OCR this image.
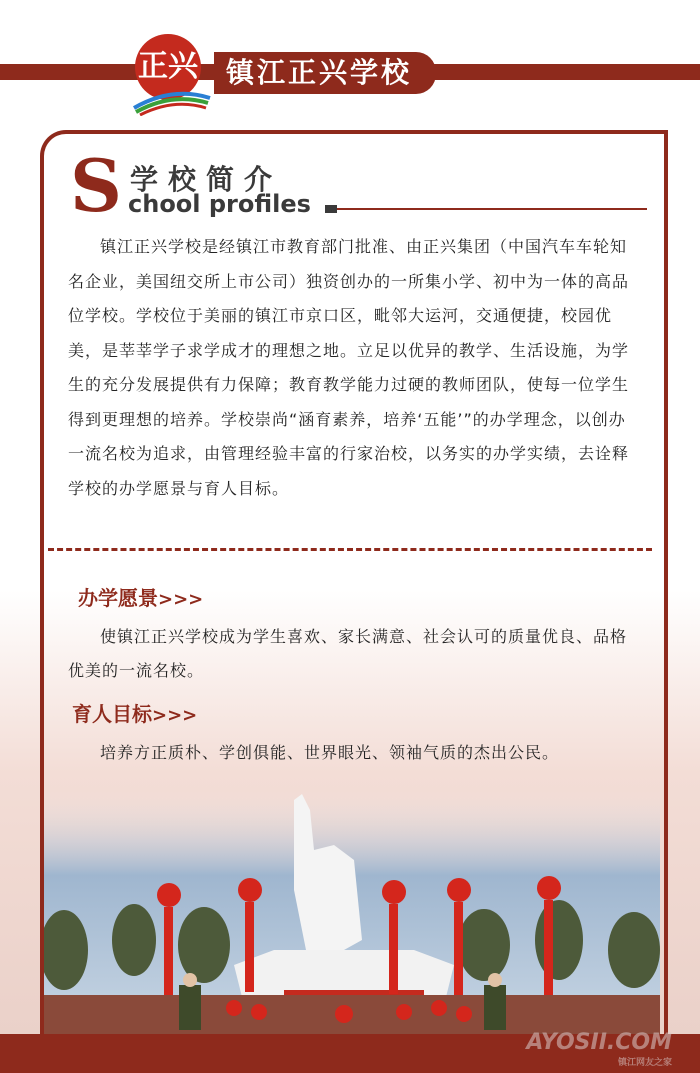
正兴	镇江正兴学校
S 学校简介
chool profiles

镇江正兴学校是经镇江市教育部门批准、由正兴集团（中国汽车车轮知名企业，美国纽交所上市公司）独资创办的一所集小学、初中为一体的高品位学校。学校位于美丽的镇江市京口区，毗邻大运河，交通便捷，校园优美，是莘莘学子求学成才的理想之地。立足以优异的教学、生活设施，为学生的充分发展提供有力保障；教育教学能力过硬的教师团队，使每一位学生得到更理想的培养。学校崇尚“涵育素养，培养‘五能’”的办学理念，以创办一流名校为追求，由管理经验丰富的行家治校，以务实的办学实绩，去诠释学校的办学愿景与育人目标。

办学愿景>>>

使镇江正兴学校成为学生喜欢、家长满意、社会认可的质量优良、品格优美的一流名校。

育人目标>>>

培养方正质朴、学创俱能、世界眼光、领袖气质的杰出公民。

AYOSII.COM
镇江网友之家
